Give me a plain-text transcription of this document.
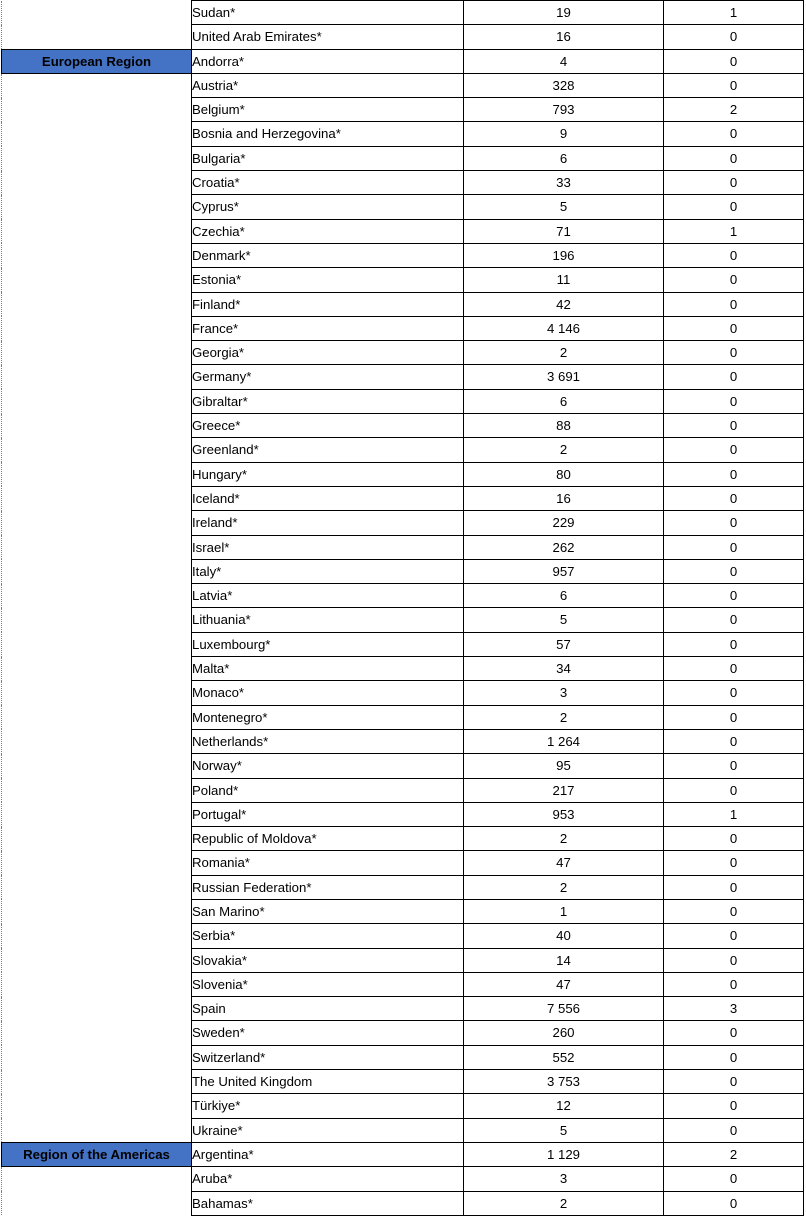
	Sudan*	19	1
	United Arab Emirates*	16	0
European Region	Andorra*	4	0
	Austria*	328	0
	Belgium*	793	2
	Bosnia and Herzegovina*	9	0
	Bulgaria*	6	0
	Croatia*	33	0
	Cyprus*	5	0
	Czechia*	71	1
	Denmark*	196	0
	Estonia*	11	0
	Finland*	42	0
	France*	4 146	0
	Georgia*	2	0
	Germany*	3 691	0
	Gibraltar*	6	0
	Greece*	88	0
	Greenland*	2	0
	Hungary*	80	0
	Iceland*	16	0
	Ireland*	229	0
	Israel*	262	0
	Italy*	957	0
	Latvia*	6	0
	Lithuania*	5	0
	Luxembourg*	57	0
	Malta*	34	0
	Monaco*	3	0
	Montenegro*	2	0
	Netherlands*	1 264	0
	Norway*	95	0
	Poland*	217	0
	Portugal*	953	1
	Republic of Moldova*	2	0
	Romania*	47	0
	Russian Federation*	2	0
	San Marino*	1	0
	Serbia*	40	0
	Slovakia*	14	0
	Slovenia*	47	0
	Spain	7 556	3
	Sweden*	260	0
	Switzerland*	552	0
	The United Kingdom	3 753	0
	Türkiye*	12	0
	Ukraine*	5	0
Region of the Americas	Argentina*	1 129	2
	Aruba*	3	0
	Bahamas*	2	0
